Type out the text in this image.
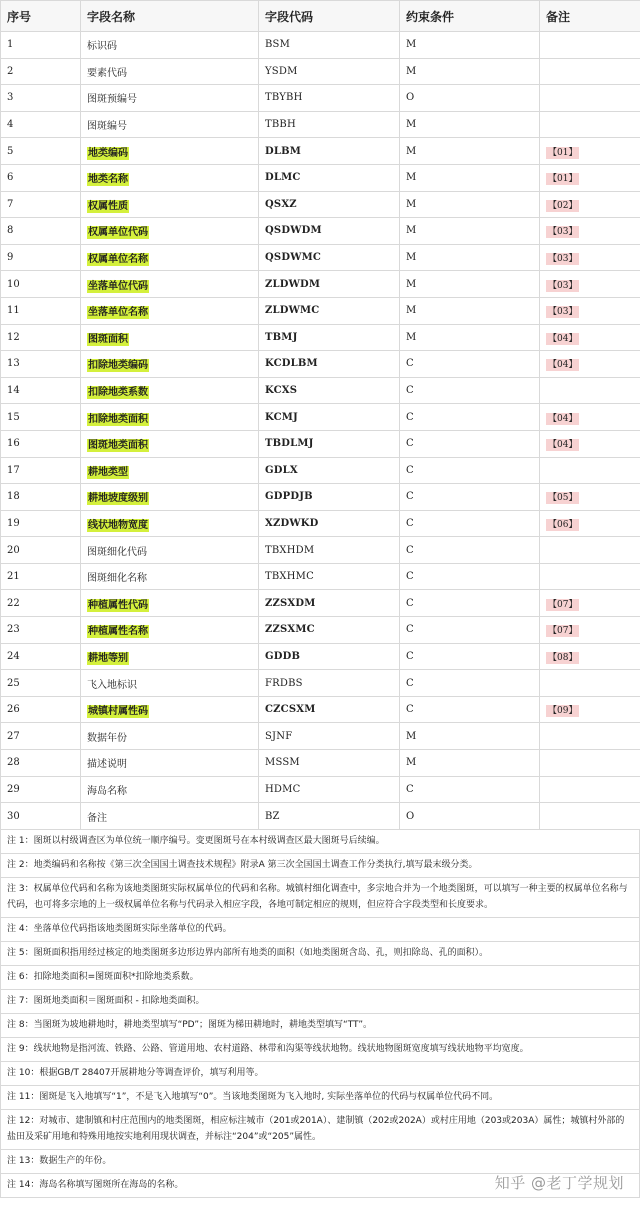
序号	字段名称	字段代码	约束条件	备注
1	标识码	BSM	M	
2	要素代码	YSDM	M	
3	图斑预编号	TBYBH	O	
4	图斑编号	TBBH	M	
5	地类编码	DLBM	M	【01】
6	地类名称	DLMC	M	【01】
7	权属性质	QSXZ	M	【02】
8	权属单位代码	QSDWDM	M	【03】
9	权属单位名称	QSDWMC	M	【03】
10	坐落单位代码	ZLDWDM	M	【03】
11	坐落单位名称	ZLDWMC	M	【03】
12	图斑面积	TBMJ	M	【04】
13	扣除地类编码	KCDLBM	C	【04】
14	扣除地类系数	KCXS	C	
15	扣除地类面积	KCMJ	C	【04】
16	图斑地类面积	TBDLMJ	C	【04】
17	耕地类型	GDLX	C	
18	耕地坡度级别	GDPDJB	C	【05】
19	线状地物宽度	XZDWKD	C	【06】
20	图斑细化代码	TBXHDM	C	
21	图斑细化名称	TBXHMC	C	
22	种植属性代码	ZZSXDM	C	【07】
23	种植属性名称	ZZSXMC	C	【07】
24	耕地等别	GDDB	C	【08】
25	飞入地标识	FRDBS	C	
26	城镇村属性码	CZCSXM	C	【09】
27	数据年份	SJNF	M	
28	描述说明	MSSM	M	
29	海岛名称	HDMC	C	
30	备注	BZ	O	
注 1：图斑以村级调查区为单位统一顺序编号。变更图斑号在本村级调查区最大图斑号后续编。
注 2：地类编码和名称按《第三次全国国土调查技术规程》附录A 第三次全国国土调查工作分类执行,填写最末级分类。
注 3：权属单位代码和名称为该地类图斑实际权属单位的代码和名称。城镇村细化调查中，多宗地合并为一个地类图斑，可以填写一种主要的权属单位名称与代码，也可将多宗地的上一级权属单位名称与代码录入相应字段，各地可制定相应的规则，但应符合字段类型和长度要求。
注 4：坐落单位代码指该地类图斑实际坐落单位的代码。
注 5：图斑面积指用经过核定的地类图斑多边形边界内部所有地类的面积（如地类图斑含岛、孔，则扣除岛、孔的面积）。
注 6：扣除地类面积=图斑面积*扣除地类系数。
注 7：图斑地类面积＝图斑面积 - 扣除地类面积。
注 8：当图斑为坡地耕地时，耕地类型填写“PD”；图斑为梯田耕地时，耕地类型填写“TT”。
注 9：线状地物是指河流、铁路、公路、管道用地、农村道路、林带和沟渠等线状地物。线状地物图斑宽度填写线状地物平均宽度。
注 10：根据GB/T 28407开展耕地分等调查评价，填写利用等。
注 11：图斑是飞入地填写“1”，不是飞入地填写“0”。当该地类图斑为飞入地时, 实际坐落单位的代码与权属单位代码不同。
注 12：对城市、建制镇和村庄范围内的地类图斑，相应标注城市（201或201A）、建制镇（202或202A）或村庄用地（203或203A）属性；城镇村外部的盐田及采矿用地和特殊用地按实地利用现状调查，并标注“204”或“205”属性。
注 13：数据生产的年份。
注 14：海岛名称填写图斑所在海岛的名称。	知乎 @老丁学规划
